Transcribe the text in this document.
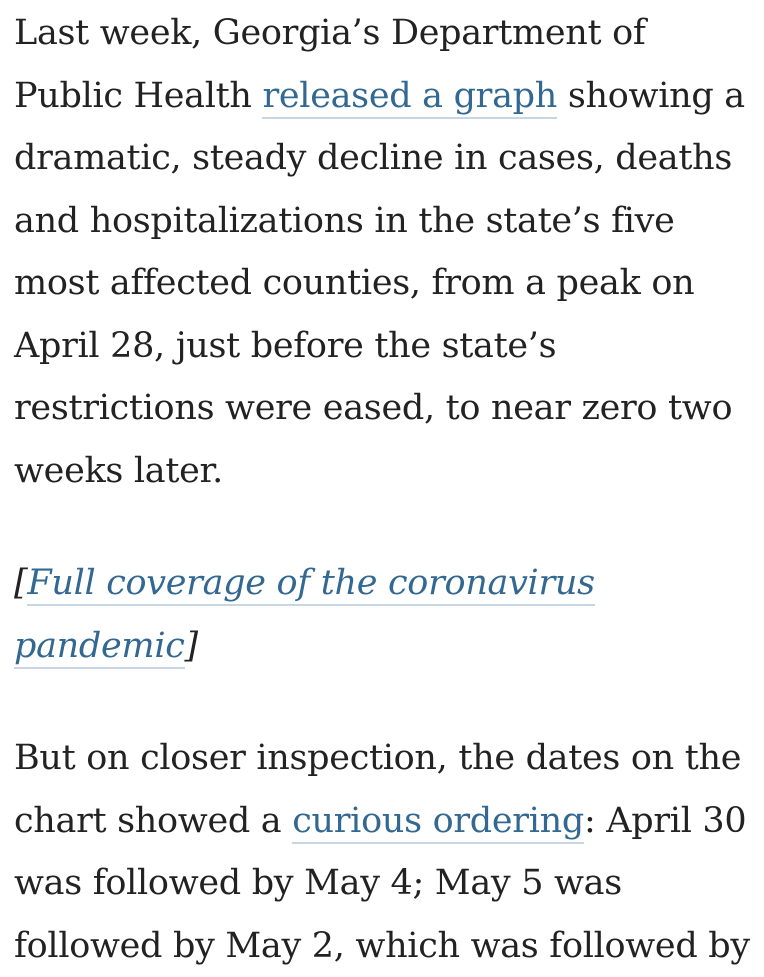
Last week, Georgia’s Department of Public Health released a graph showing a dramatic, steady decline in cases, deaths and hospitalizations in the state’s five most affected counties, from a peak on April 28, just before the state’s restrictions were eased, to near zero two weeks later.

[Full coverage of the coronavirus pandemic]

But on closer inspection, the dates on the chart showed a curious ordering: April 30 was followed by May 4; May 5 was followed by May 2, which was followed by
